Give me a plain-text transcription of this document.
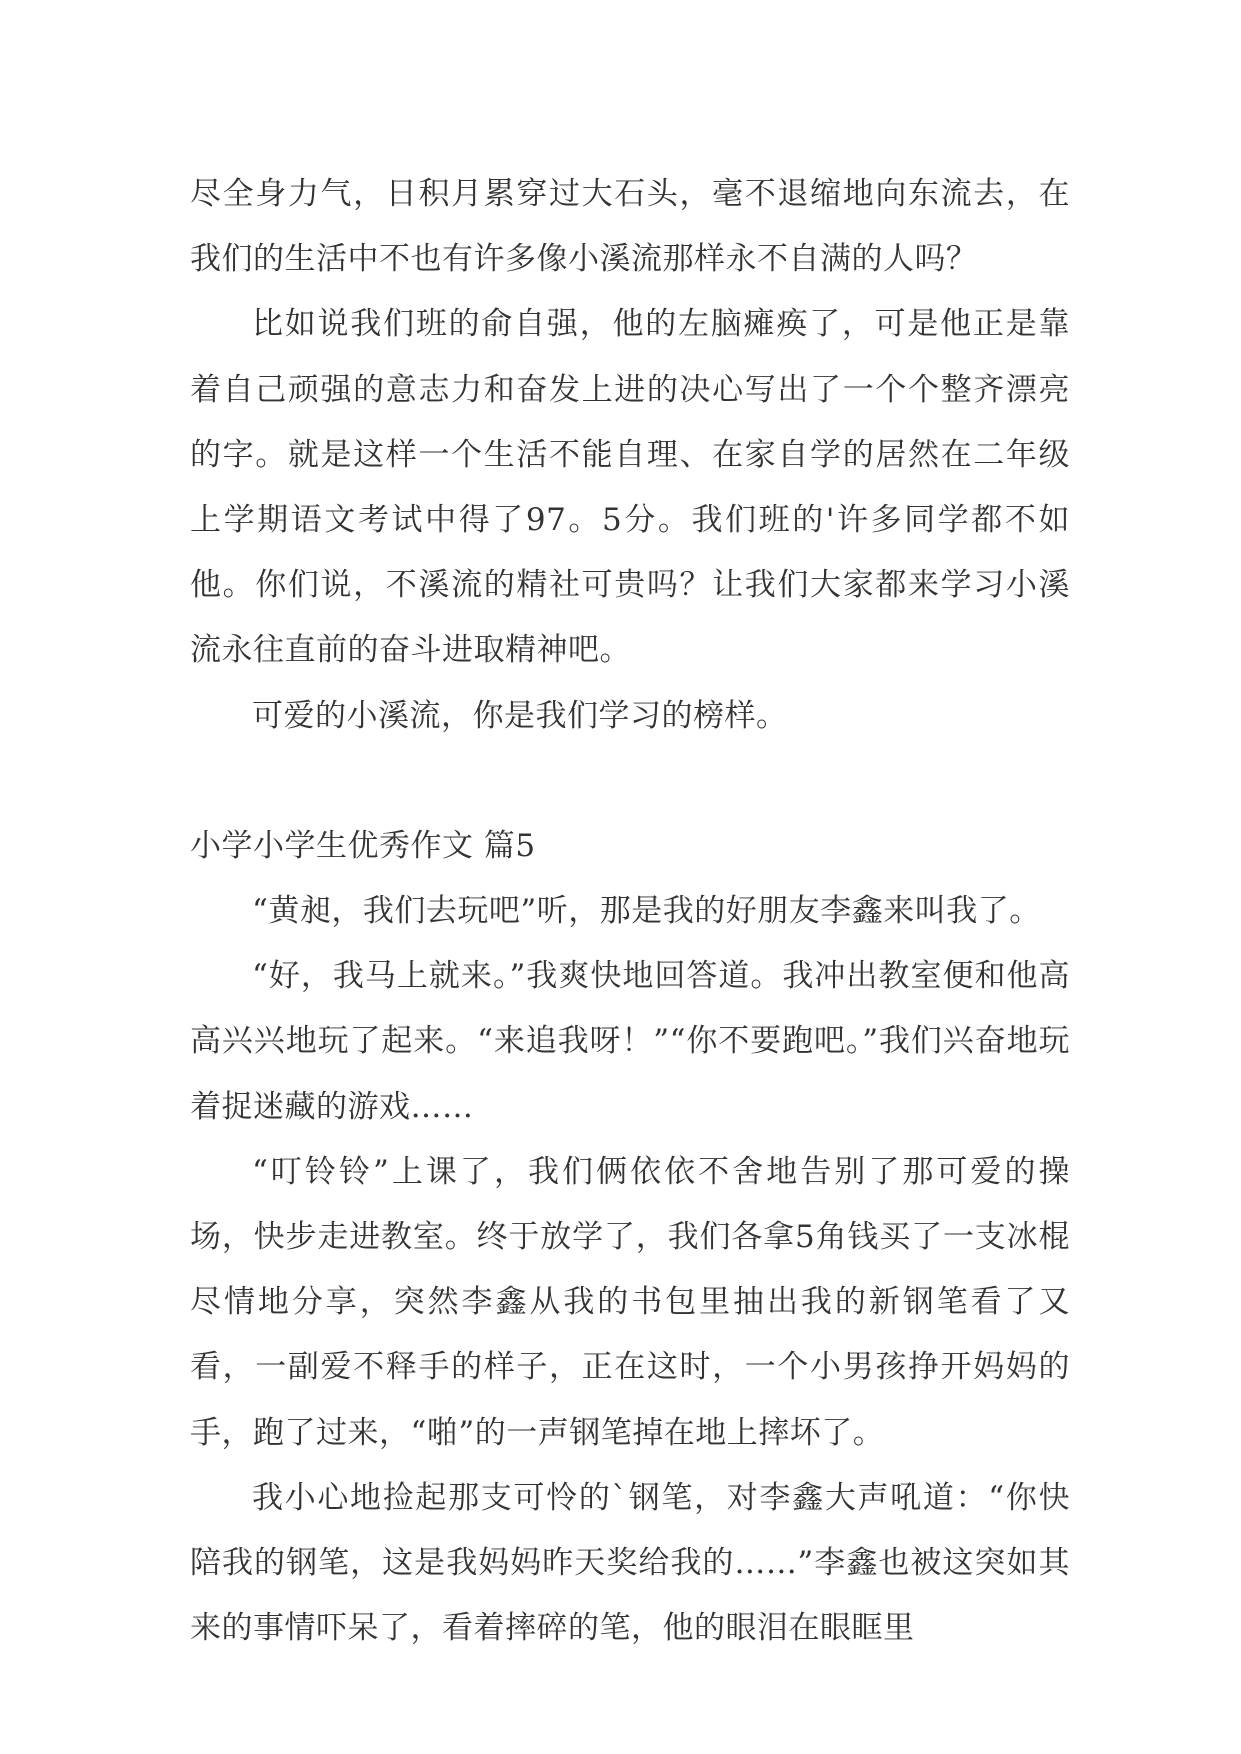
尽全身力气，日积月累穿过大石头，毫不退缩地向东流去，在我们的生活中不也有许多像小溪流那样永不自满的人吗？

比如说我们班的俞自强，他的左脑瘫痪了，可是他正是靠着自己顽强的意志力和奋发上进的决心写出了一个个整齐漂亮的字。就是这样一个生活不能自理、在家自学的居然在二年级上学期语文考试中得了97。5分。我们班的'许多同学都不如他。你们说，不溪流的精社可贵吗？让我们大家都来学习小溪流永往直前的奋斗进取精神吧。

可爱的小溪流，你是我们学习的榜样。

小学小学生优秀作文 篇5

“黄昶，我们去玩吧”听，那是我的好朋友李鑫来叫我了。

“好，我马上就来。”我爽快地回答道。我冲出教室便和他高高兴兴地玩了起来。“来追我呀！”“你不要跑吧。”我们兴奋地玩着捉迷藏的游戏……

“叮铃铃”上课了，我们俩依依不舍地告别了那可爱的操场，快步走进教室。终于放学了，我们各拿5角钱买了一支冰棍尽情地分享，突然李鑫从我的书包里抽出我的新钢笔看了又看，一副爱不释手的样子，正在这时，一个小男孩挣开妈妈的手，跑了过来，“啪”的一声钢笔掉在地上摔坏了。

我小心地捡起那支可怜的`钢笔，对李鑫大声吼道：“你快陪我的钢笔，这是我妈妈昨天奖给我的……”李鑫也被这突如其来的事情吓呆了，看着摔碎的笔，他的眼泪在眼眶里
